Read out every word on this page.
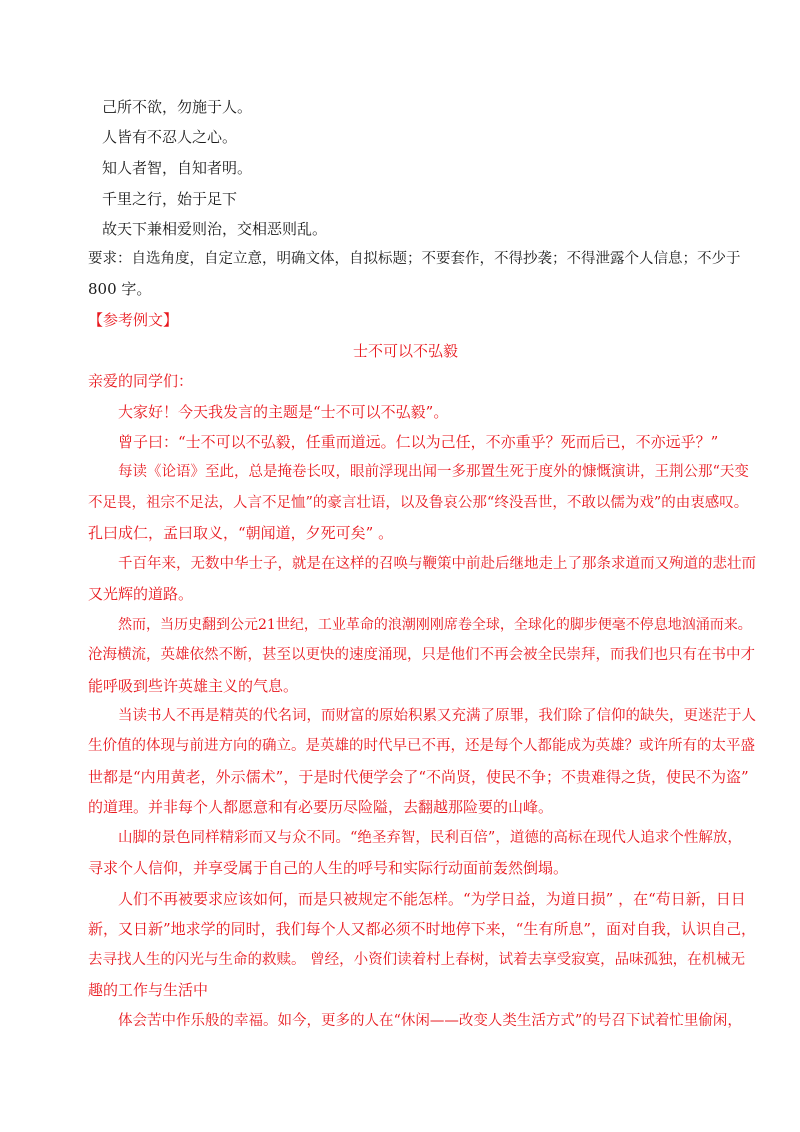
己所不欲，勿施于人。
人皆有不忍人之心。
知人者智，自知者明。
千里之行，始于足下
故天下兼相爱则治，交相恶则乱。
要求：自选角度，自定立意，明确文体，自拟标题；不要套作，不得抄袭；不得泄露个人信息；不少于
800 字。
【参考例文】
士不可以不弘毅
亲爱的同学们：
大家好！今天我发言的主题是“士不可以不弘毅”。
曾子曰：“士不可以不弘毅，任重而道远。仁以为己任，不亦重乎？死而后已，不亦远乎？”
每读《论语》至此，总是掩卷长叹，眼前浮现出闻一多那置生死于度外的慷慨演讲，王荆公那“天变
不足畏，祖宗不足法，人言不足恤”的豪言壮语，以及鲁哀公那“终没吾世，不敢以儒为戏”的由衷感叹。
孔曰成仁，孟曰取义，“朝闻道，夕死可矣” 。
千百年来，无数中华士子，就是在这样的召唤与鞭策中前赴后继地走上了那条求道而又殉道的悲壮而
又光辉的道路。
然而，当历史翻到公元21世纪，工业革命的浪潮刚刚席卷全球，全球化的脚步便毫不停息地汹涌而来。
沧海横流，英雄依然不断，甚至以更快的速度涌现，只是他们不再会被全民崇拜，而我们也只有在书中才
能呼吸到些许英雄主义的气息。
当读书人不再是精英的代名词，而财富的原始积累又充满了原罪，我们除了信仰的缺失，更迷茫于人
生价值的体现与前进方向的确立。是英雄的时代早已不再，还是每个人都能成为英雄？或许所有的太平盛
世都是“内用黄老，外示儒术”，于是时代便学会了“不尚贤，使民不争；不贵难得之货，使民不为盗”
的道理。并非每个人都愿意和有必要历尽险隘，去翻越那险要的山峰。
山脚的景色同样精彩而又与众不同。“绝圣弃智，民利百倍”，道德的高标在现代人追求个性解放，
寻求个人信仰，并享受属于自己的人生的呼号和实际行动面前轰然倒塌。
人们不再被要求应该如何，而是只被规定不能怎样。“为学日益，为道日损” ，在“苟日新，日日
新，又日新”地求学的同时，我们每个人又都必须不时地停下来，“生有所息”，面对自我，认识自己，
去寻找人生的闪光与生命的救赎。 曾经，小资们读着村上春树，试着去享受寂寞，品味孤独，在机械无
趣的工作与生活中
体会苦中作乐般的幸福。如今，更多的人在“休闲——改变人类生活方式”的号召下试着忙里偷闲，
